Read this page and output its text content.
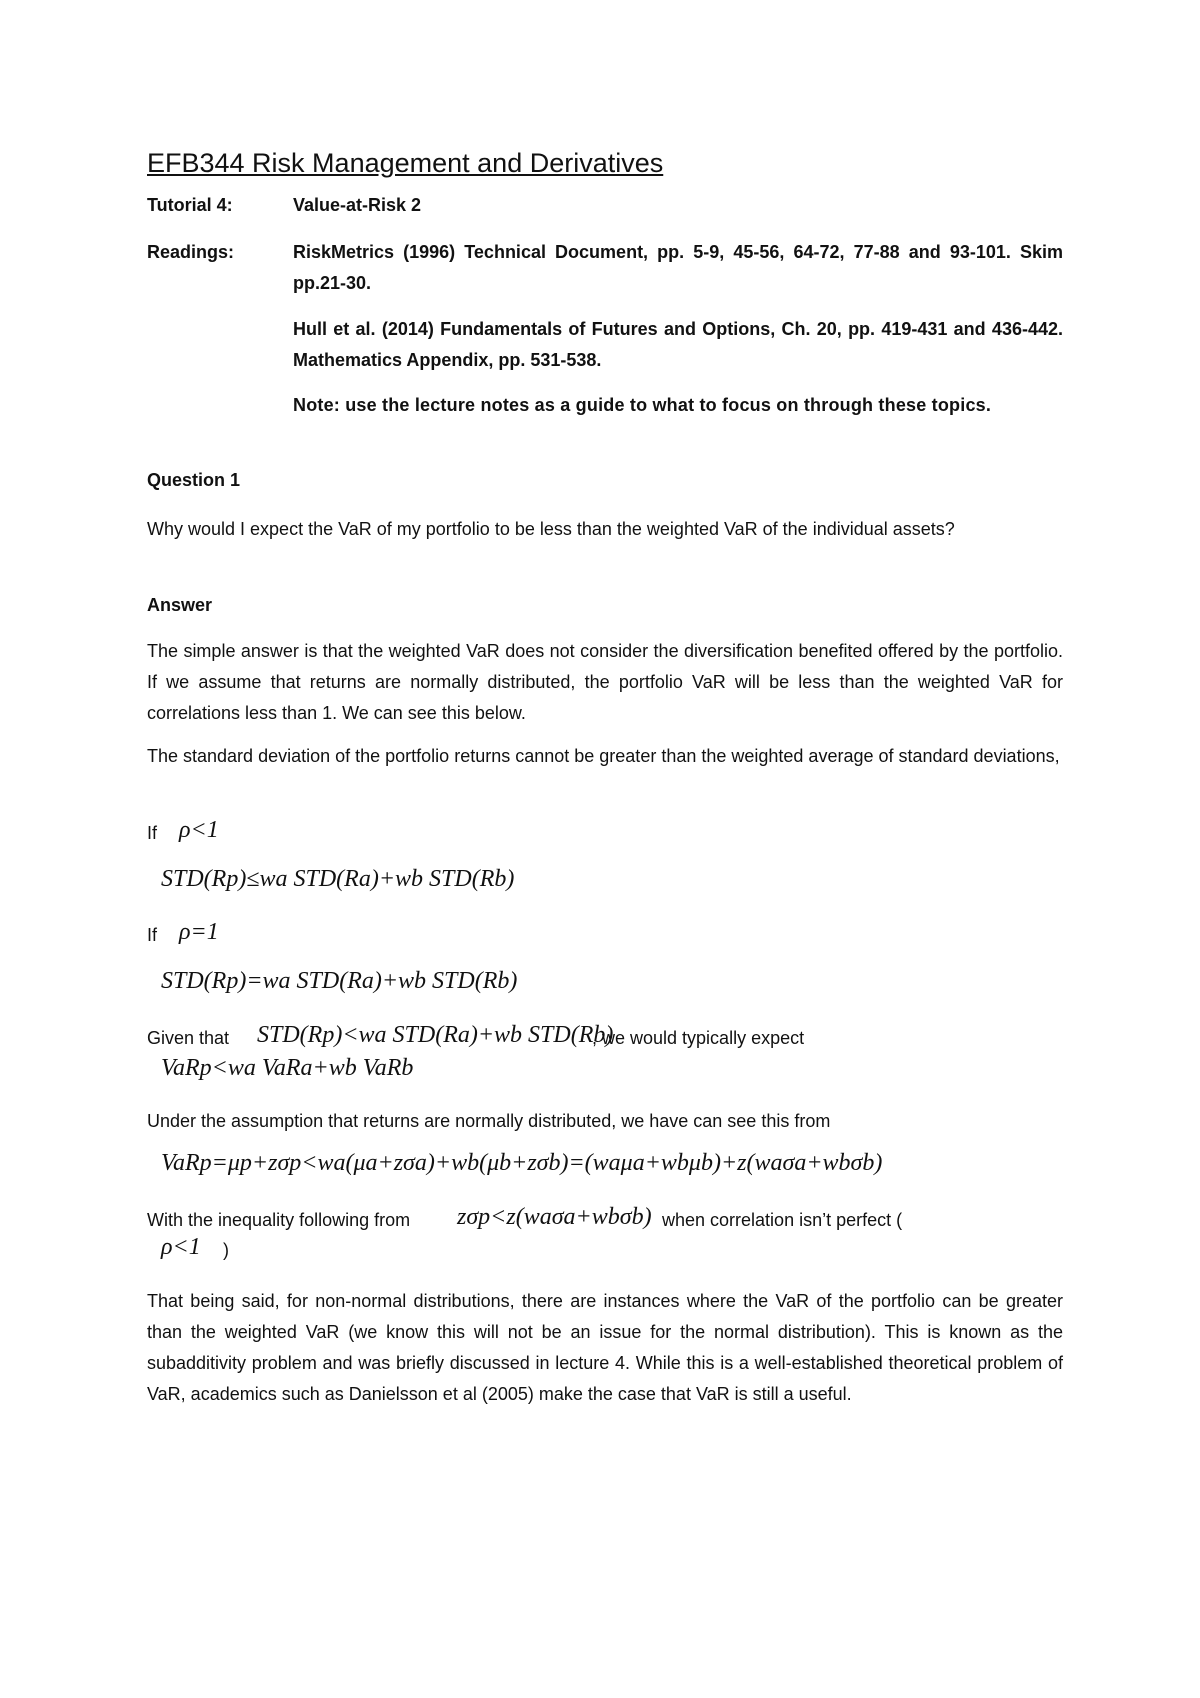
EFB344 Risk Management and Derivatives
Tutorial 4:	Value-at-Risk 2
Readings:	RiskMetrics (1996) Technical Document, pp. 5-9, 45-56, 64-72, 77-88 and 93-101. Skim pp.21-30.
Hull et al. (2014) Fundamentals of Futures and Options, Ch. 20, pp. 419-431 and 436-442. Mathematics Appendix, pp. 531-538.
Note: use the lecture notes as a guide to what to focus on through these topics.
Question 1
Why would I expect the VaR of my portfolio to be less than the weighted VaR of the individual assets?
Answer
The simple answer is that the weighted VaR does not consider the diversification benefited offered by the portfolio. If we assume that returns are normally distributed, the portfolio VaR will be less than the weighted VaR for correlations less than 1. We can see this below.
The standard deviation of the portfolio returns cannot be greater than the weighted average of standard deviations,
If ρ<1
STD(Rp)≤wa STD(Ra)+wb STD(Rb)
If ρ=1
STD(Rp)=wa STD(Ra)+wb STD(Rb)
Given that STD(Rp)<wa STD(Ra)+wb STD(Rb)
, we would typically expect
VaRp<wa VaRa+wb VaRb
Under the assumption that returns are normally distributed, we have can see this from
VaRp=μp+zσp<wa(μa+zσa)+wb(μb+zσb)=(waμa+wbμb)+z(waσa+wbσb)
With the inequality following from zσp<z(waσa+wbσb) when correlation isn’t perfect (
ρ<1 )
That being said, for non-normal distributions, there are instances where the VaR of the portfolio can be greater than the weighted VaR (we know this will not be an issue for the normal distribution). This is known as the subadditivity problem and was briefly discussed in lecture 4. While this is a well-established theoretical problem of VaR, academics such as Danielsson et al (2005) make the case that VaR is still a useful.
